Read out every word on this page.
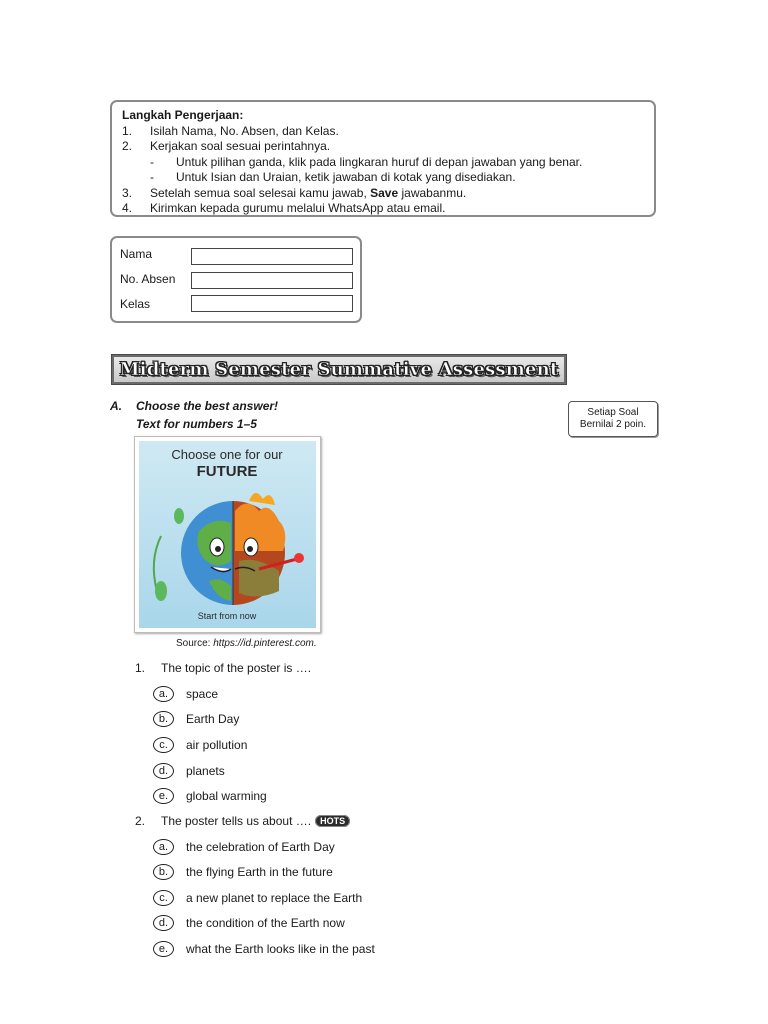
Langkah Pengerjaan:
1.	Isilah Nama, No. Absen, dan Kelas.
2.	Kerjakan soal sesuai perintahnya.
-	Untuk pilihan ganda, klik pada lingkaran huruf di depan jawaban yang benar.
-	Untuk Isian dan Uraian, ketik jawaban di kotak yang disediakan.
3.	Setelah semua soal selesai kamu jawab, Save jawabanmu.
4.	Kirimkan kepada gurumu melalui WhatsApp atau email.
Nama
No. Absen
Kelas
Midterm Semester Summative Assessment
A. Choose the best answer!
Text for numbers 1–5
Setiap Soal
Bernilai 2 poin.
Choose one for our
FUTURE
Start from now
Source: https://id.pinterest.com.
1. The topic of the poster is ….
a.	space
b.	Earth Day
c.	air pollution
d.	planets
e.	global warming
2. The poster tells us about …. HOTS
a.	the celebration of Earth Day
b.	the flying Earth in the future
c.	a new planet to replace the Earth
d.	the condition of the Earth now
e.	what the Earth looks like in the past
